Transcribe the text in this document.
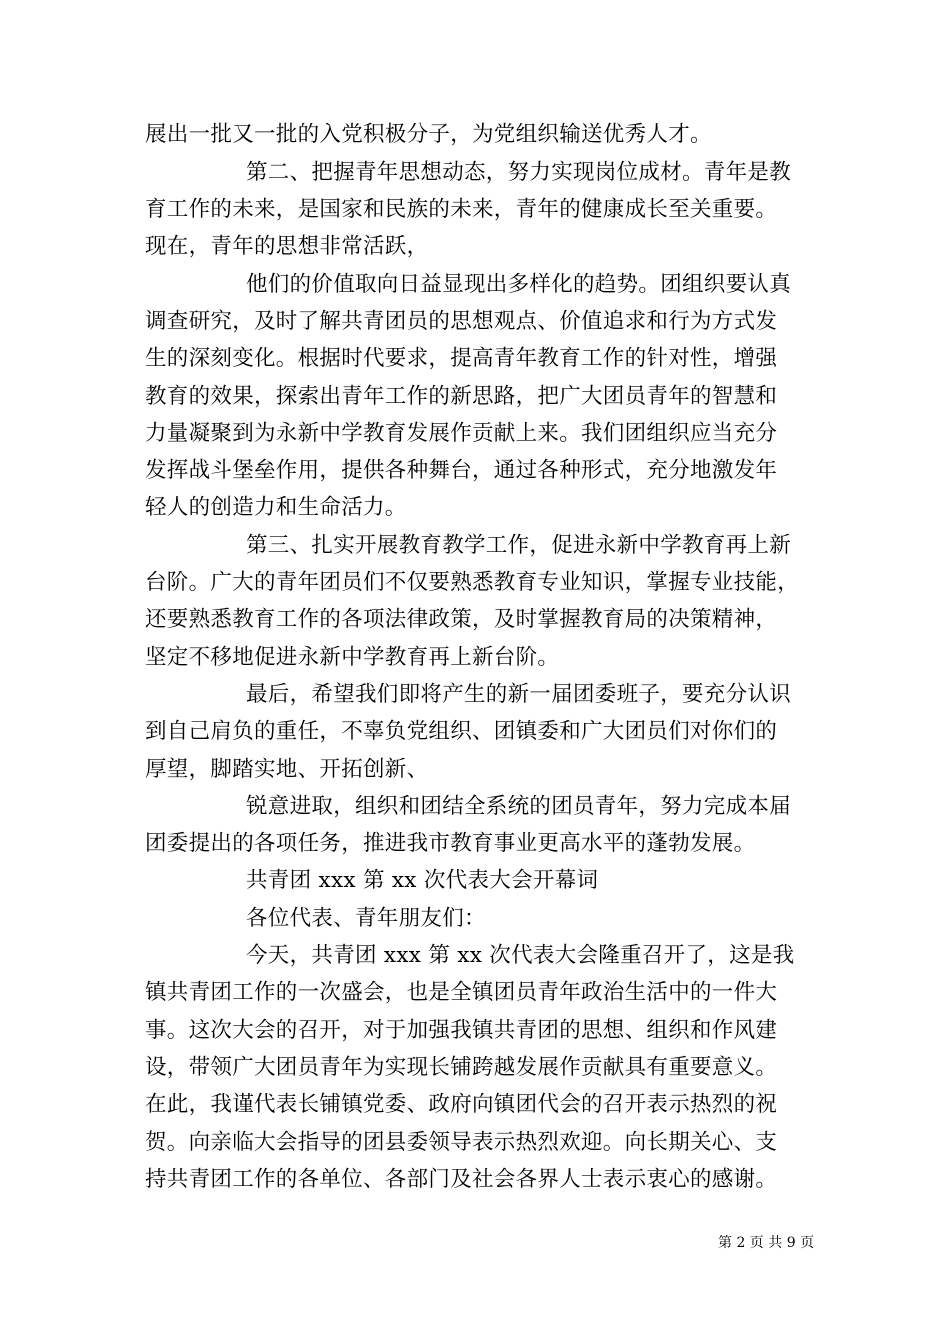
展出一批又一批的入党积极分子，为党组织输送优秀人才。
第二、把握青年思想动态，努力实现岗位成材。青年是教
育工作的未来，是国家和民族的未来，青年的健康成长至关重要。
现在，青年的思想非常活跃，
他们的价值取向日益显现出多样化的趋势。团组织要认真
调查研究，及时了解共青团员的思想观点、价值追求和行为方式发
生的深刻变化。根据时代要求，提高青年教育工作的针对性，增强
教育的效果，探索出青年工作的新思路，把广大团员青年的智慧和
力量凝聚到为永新中学教育发展作贡献上来。我们团组织应当充分
发挥战斗堡垒作用，提供各种舞台，通过各种形式，充分地激发年
轻人的创造力和生命活力。
第三、扎实开展教育教学工作，促进永新中学教育再上新
台阶。广大的青年团员们不仅要熟悉教育专业知识，掌握专业技能，
还要熟悉教育工作的各项法律政策，及时掌握教育局的决策精神，
坚定不移地促进永新中学教育再上新台阶。
最后，希望我们即将产生的新一届团委班子，要充分认识
到自己肩负的重任，不辜负党组织、团镇委和广大团员们对你们的
厚望，脚踏实地、开拓创新、
锐意进取，组织和团结全系统的团员青年，努力完成本届
团委提出的各项任务，推进我市教育事业更高水平的蓬勃发展。
共青团 xxx 第 xx 次代表大会开幕词
各位代表、青年朋友们：
今天，共青团 xxx 第 xx 次代表大会隆重召开了，这是我
镇共青团工作的一次盛会，也是全镇团员青年政治生活中的一件大
事。这次大会的召开，对于加强我镇共青团的思想、组织和作风建
设，带领广大团员青年为实现长铺跨越发展作贡献具有重要意义。
在此，我谨代表长铺镇党委、政府向镇团代会的召开表示热烈的祝
贺。向亲临大会指导的团县委领导表示热烈欢迎。向长期关心、支
持共青团工作的各单位、各部门及社会各界人士表示衷心的感谢。
第 2 页 共 9 页
